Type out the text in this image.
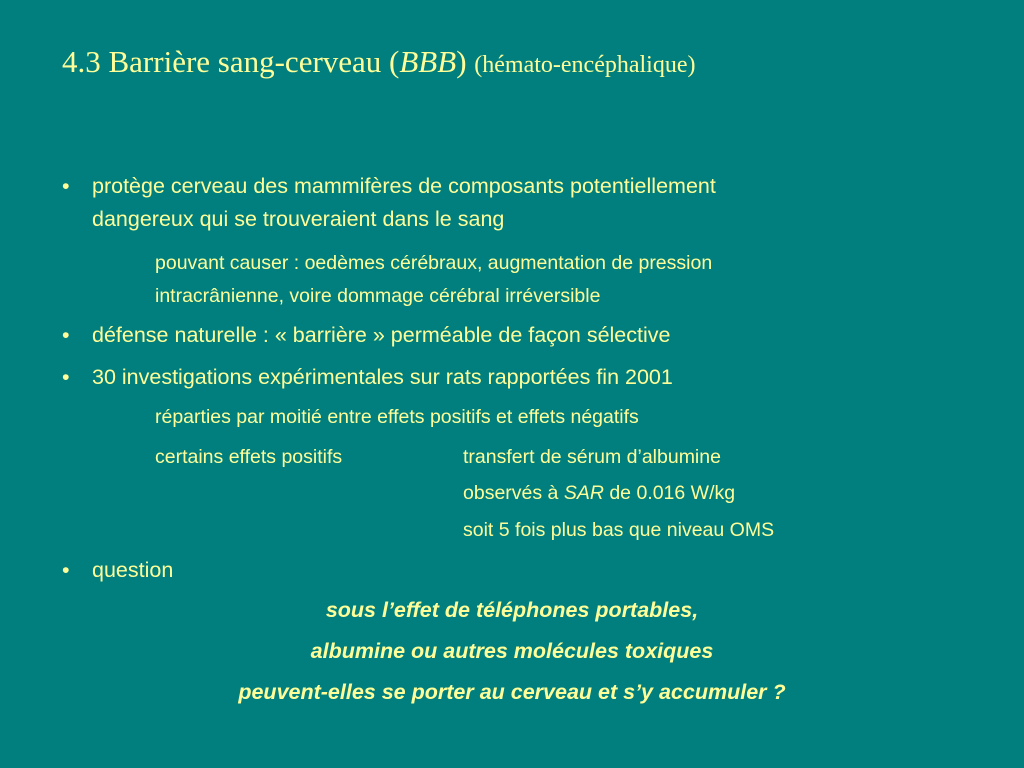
4.3 Barrière sang-cerveau (BBB) (hémato-encéphalique)
• protège cerveau des mammifères de composants potentiellement
dangereux qui se trouveraient dans le sang
pouvant causer : oedèmes cérébraux, augmentation de pression
intracrânienne, voire dommage cérébral irréversible
• défense naturelle : « barrière » perméable de façon sélective
• 30 investigations expérimentales sur rats rapportées fin 2001
réparties par moitié entre effets positifs et effets négatifs
certains effets positifs	transfert de sérum d’albumine
observés à SAR de 0.016 W/kg
soit 5 fois plus bas que niveau OMS
• question
sous l’effet de téléphones portables,
albumine ou autres molécules toxiques
peuvent-elles se porter au cerveau et s’y accumuler ?
